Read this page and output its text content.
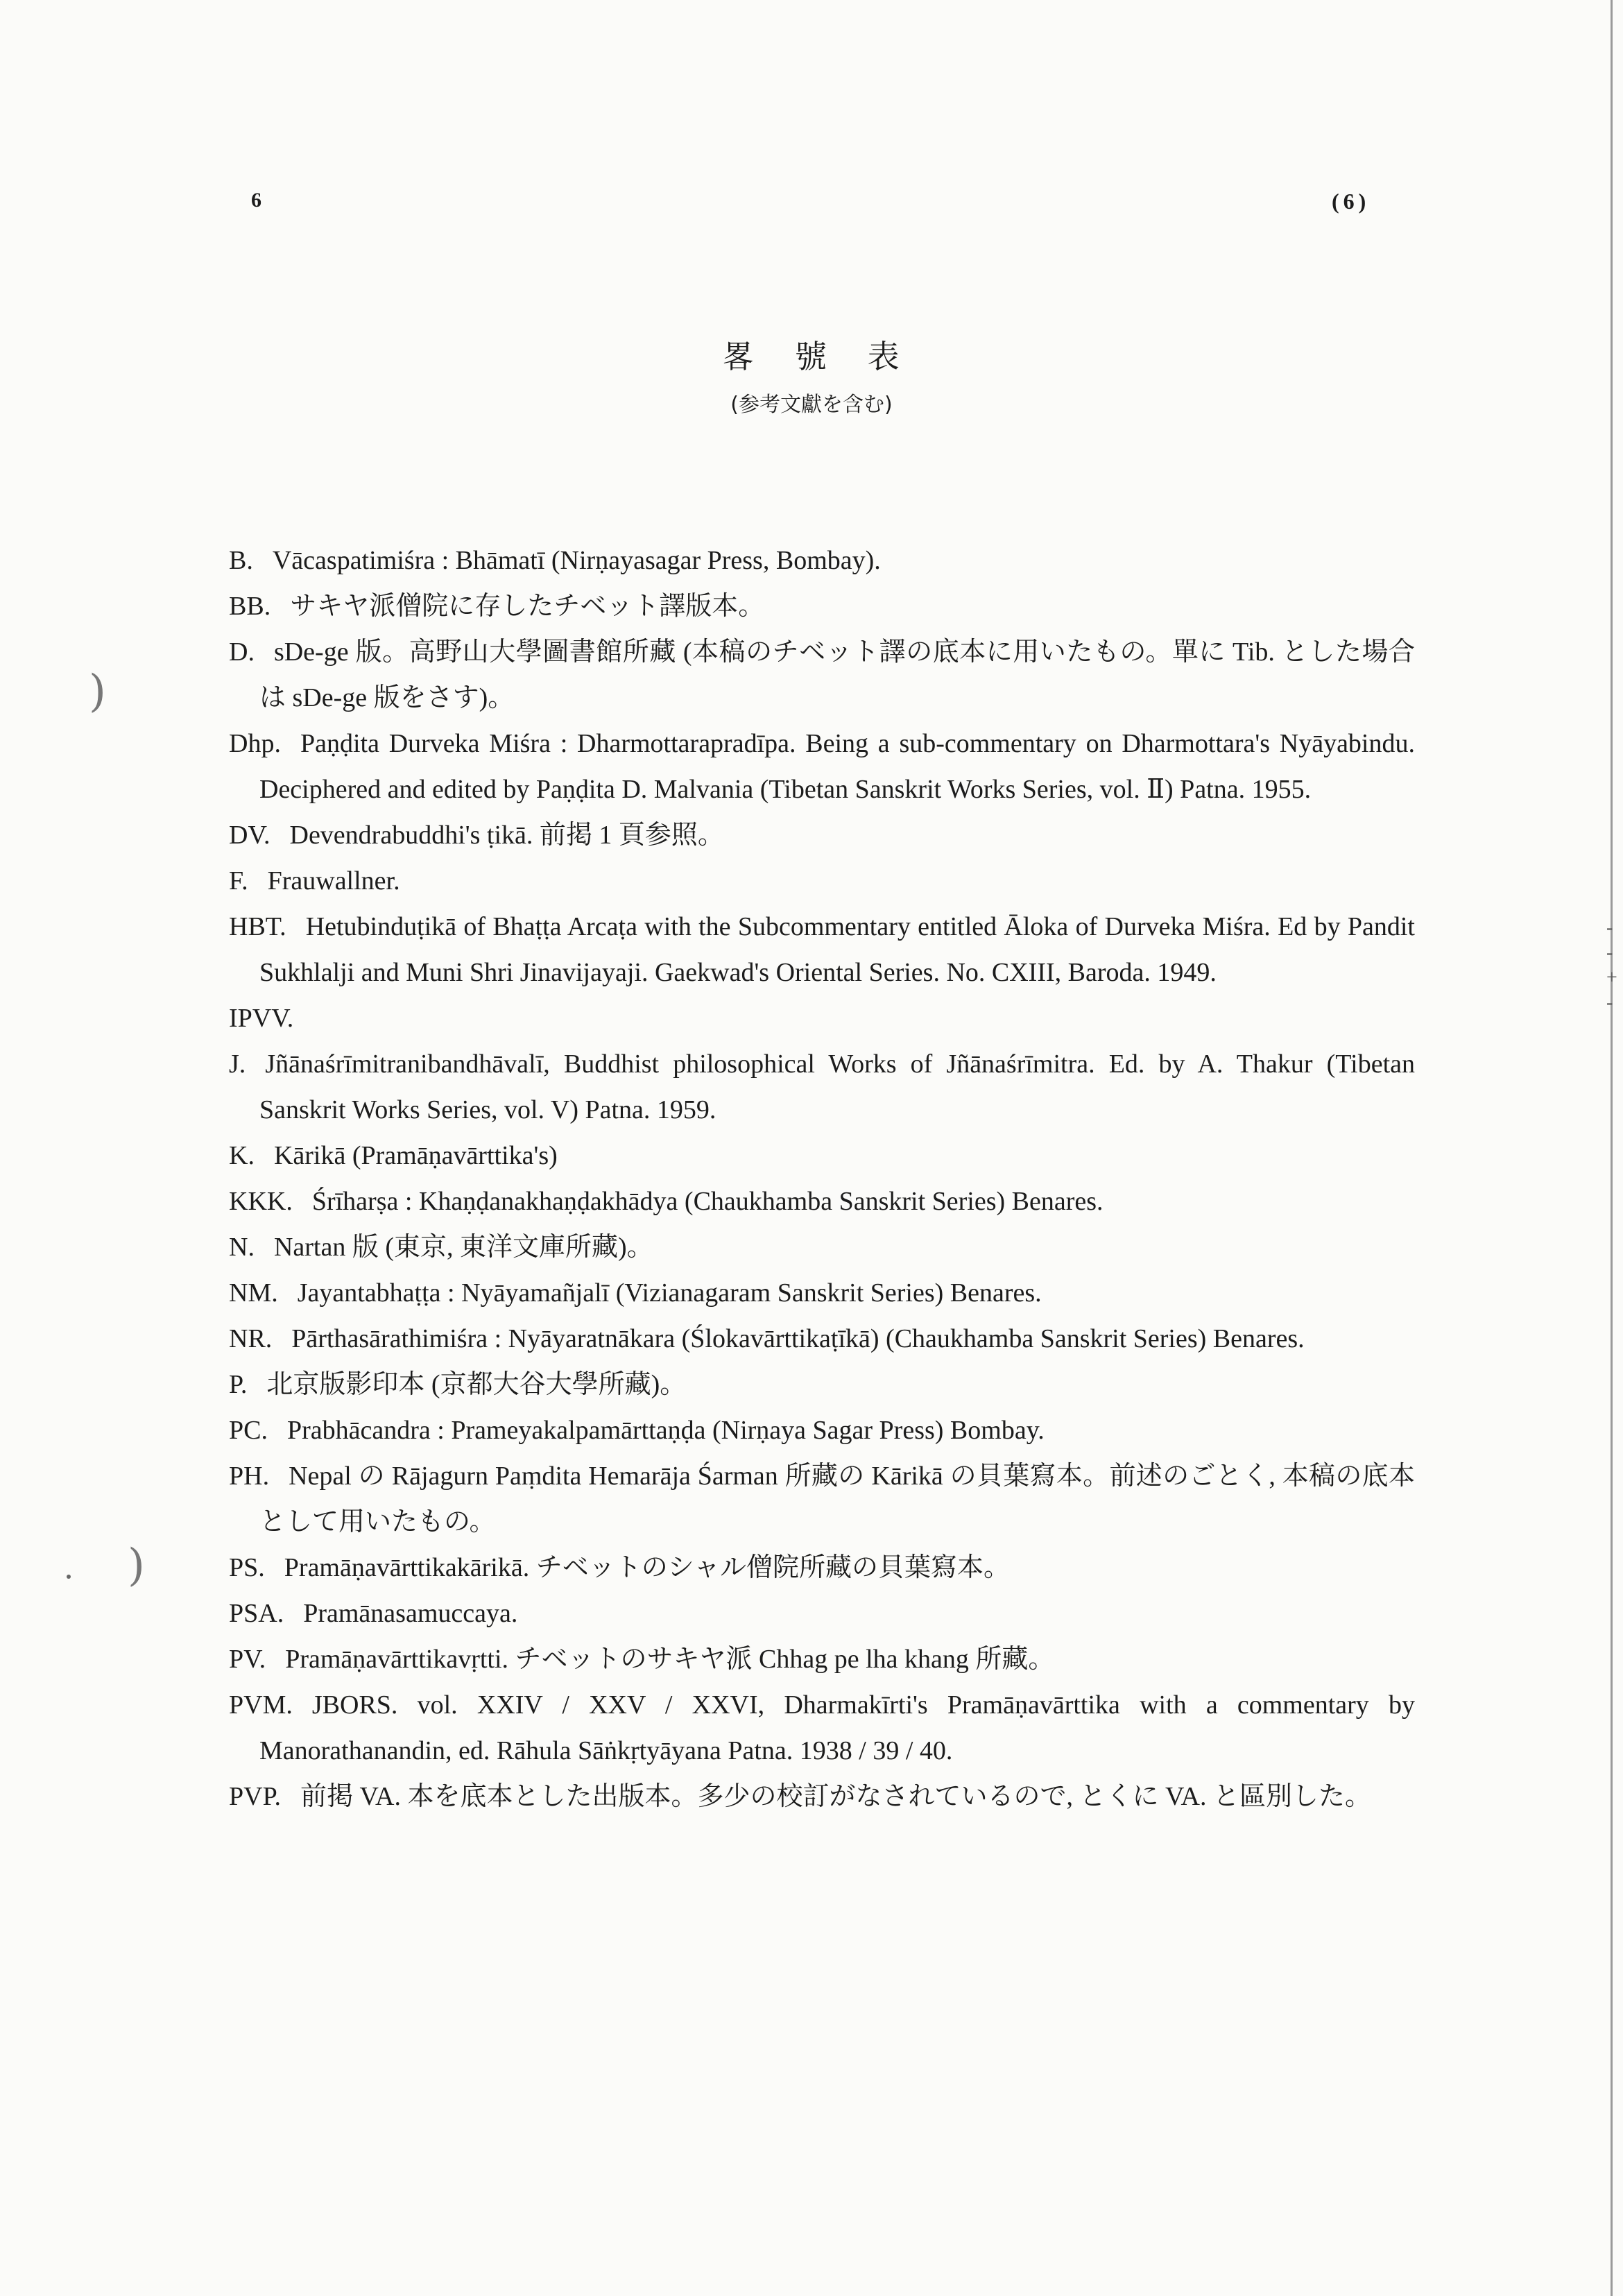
6	(6)
畧 號 表
(参考文獻を含む)
B. Vācaspatimiśra : Bhāmatī (Nirṇayasagar Press, Bombay).
BB. サキヤ派僧院に存したチベット譯版本。
D. sDe-ge 版。高野山大學圖書館所藏 (本稿のチベット譯の底本に用いたもの。單に Tib. とした場合は sDe-ge 版をさす)。
Dhp. Paṇḍita Durveka Miśra : Dharmottarapradīpa. Being a sub-commentary on Dharmottara's Nyāyabindu. Deciphered and edited by Paṇḍita D. Malvania (Tibetan Sanskrit Works Series, vol. Ⅱ) Patna. 1955.
DV. Devendrabuddhi's ṭikā. 前掲 1 頁参照。
F. Frauwallner.
HBT. Hetubinduṭikā of Bhaṭṭa Arcaṭa with the Subcommentary entitled Āloka of Durveka Miśra. Ed by Pandit Sukhlalji and Muni Shri Jinavijayaji. Gaekwad's Oriental Series. No. CXIII, Baroda. 1949.
IPVV.
J. Jñānaśrīmitranibandhāvalī, Buddhist philosophical Works of Jñānaśrīmitra. Ed. by A. Thakur (Tibetan Sanskrit Works Series, vol. V) Patna. 1959.
K. Kārikā (Pramāṇavārttika's)
KKK. Śrīharṣa : Khaṇḍanakhaṇḍakhādya (Chaukhamba Sanskrit Series) Benares.
N. Nartan 版 (東京, 東洋文庫所藏)。
NM. Jayantabhaṭṭa : Nyāyamañjalī (Vizianagaram Sanskrit Series) Benares.
NR. Pārthasārathimiśra : Nyāyaratnākara (Ślokavārttikaṭīkā) (Chaukhamba Sanskrit Series) Benares.
P. 北京版影印本 (京都大谷大學所藏)。
PC. Prabhācandra : Prameyakalpamārttaṇḍa (Nirṇaya Sagar Press) Bombay.
PH. Nepal の Rājagurn Paṃdita Hemarāja Śarman 所藏の Kārikā の貝葉寫本。前述のごとく, 本稿の底本として用いたもの。
PS. Pramāṇavārttikakārikā. チベットのシャル僧院所藏の貝葉寫本。
PSA. Pramānasamuccaya.
PV. Pramāṇavārttikavṛtti. チベットのサキヤ派 Chhag pe lha khang 所藏。
PVM. JBORS. vol. XXIV / XXV / XXVI, Dharmakīrti's Pramāṇavārttika with a commentary by Manorathanandin, ed. Rāhula Sāṅkṛtyāyana Patna. 1938 / 39 / 40.
PVP. 前掲 VA. 本を底本とした出版本。多少の校訂がなされているので, とくに VA. と區別した。
)
)
-
-
+
-
